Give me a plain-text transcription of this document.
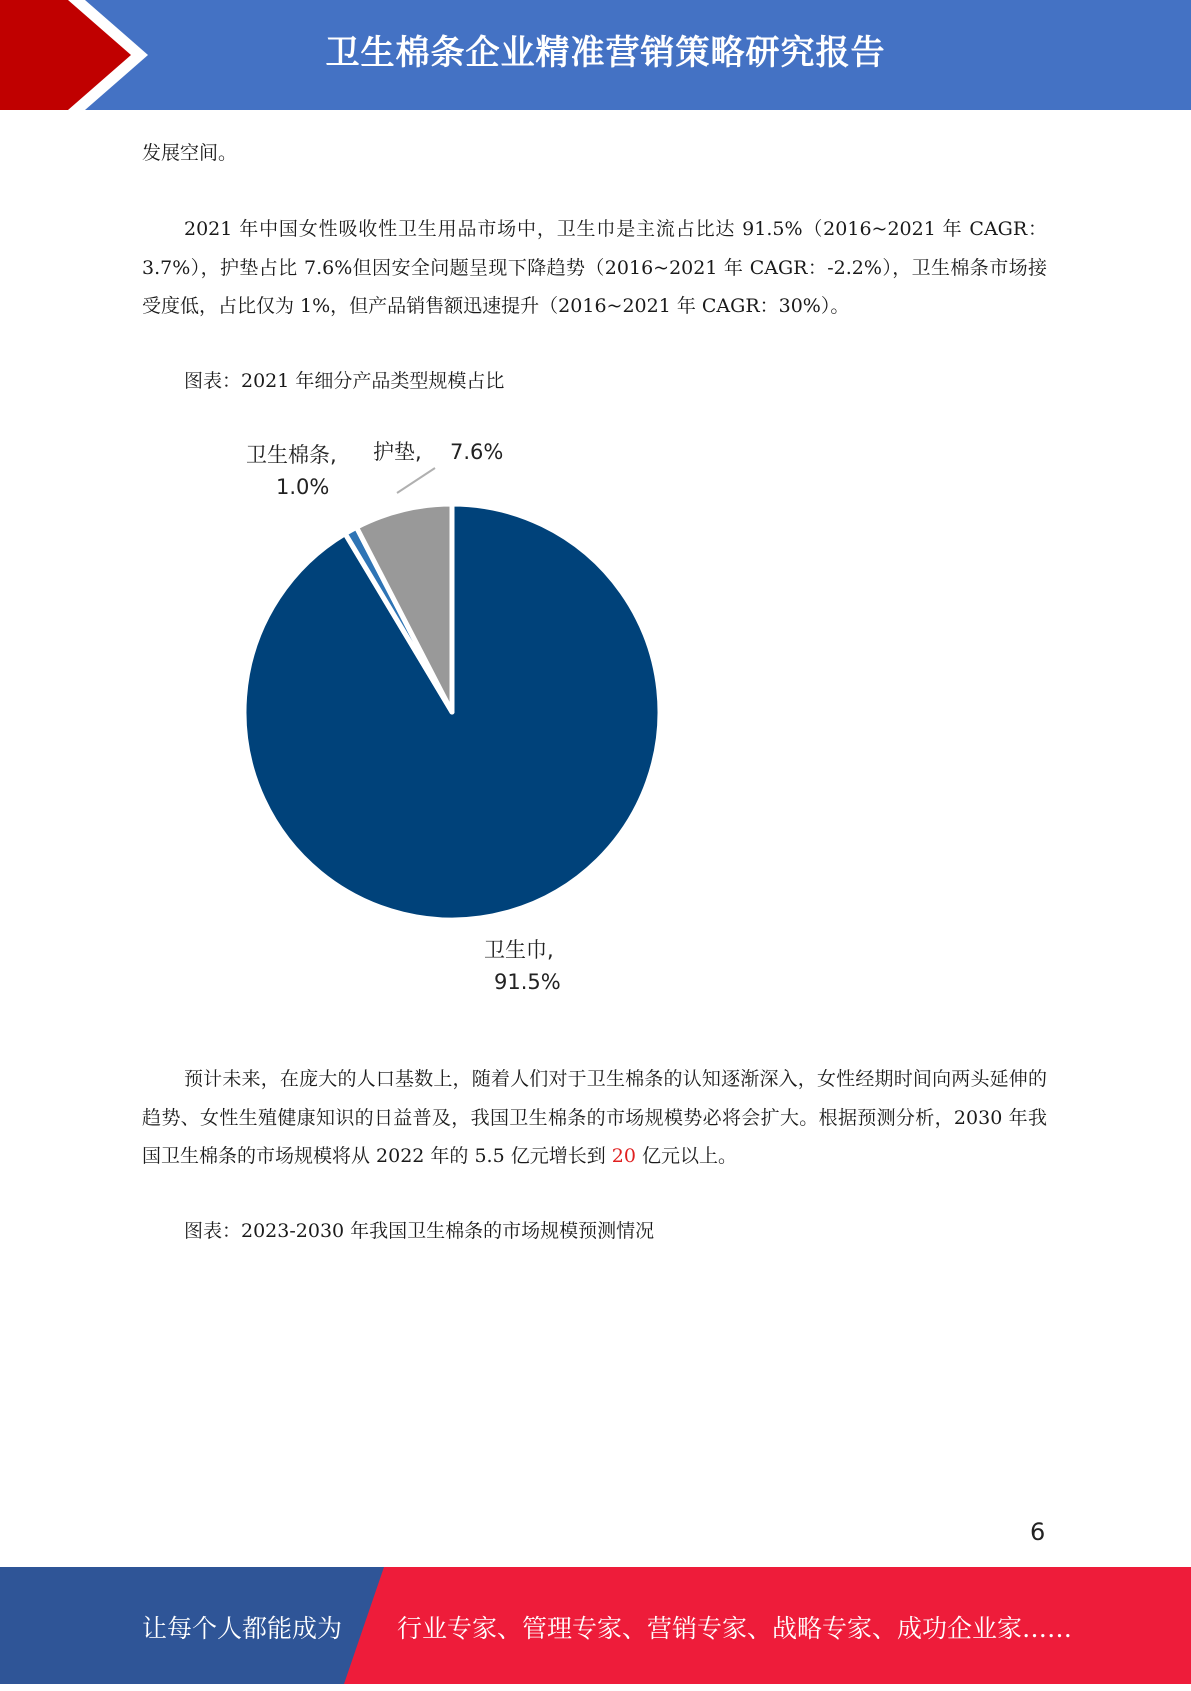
卫生棉条企业精准营销策略研究报告

发展空间。

2021 年中国女性吸收性卫生用品市场中，卫生巾是主流占比达 91.5%（2016~2021 年 CAGR：3.7%），护垫占比 7.6%但因安全问题呈现下降趋势（2016~2021 年 CAGR：-2.2%），卫生棉条市场接受度低，占比仅为 1%，但产品销售额迅速提升（2016~2021 年 CAGR：30%）。

图表：2021 年细分产品类型规模占比

卫生棉条,
1.0%
护垫, 7.6%
卫生巾,
91.5%

预计未来，在庞大的人口基数上，随着人们对于卫生棉条的认知逐渐深入，女性经期时间向两头延伸的趋势、女性生殖健康知识的日益普及，我国卫生棉条的市场规模势必将会扩大。根据预测分析，2030 年我国卫生棉条的市场规模将从 2022 年的 5.5 亿元增长到 20 亿元以上。

图表：2023-2030 年我国卫生棉条的市场规模预测情况

6
让每个人都能成为 行业专家、管理专家、营销专家、战略专家、成功企业家……
